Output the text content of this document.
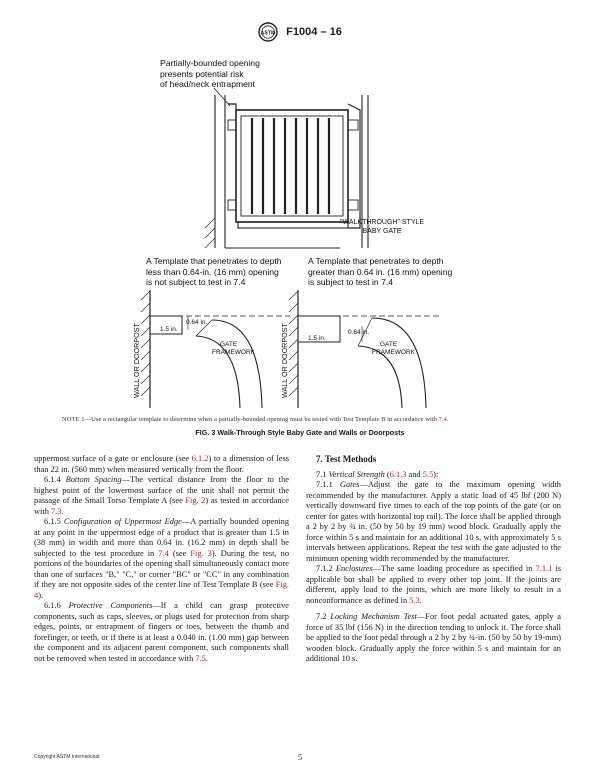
ASTM F1004 – 16
WALL OR DOORPOST	WALL OR DOORPOST
0.64 in.
1.5 in.	0.64 in.
1.5 in.
GATE
FRAMEWORK
GATE
FRAMEWORK
Partially-bounded opening
presents potential risk
of head/neck entrapment
"WALKTHROUGH" STYLE
BABY GATE
A Template that penetrates to depth
less than 0.64-in. (16 mm) opening
is not subject to test in 7.4
A Template that penetrates to depth
greater than 0.64 in. (16 mm) opening
is subject to test in 7.4
NOTE 1—Use a rectangular template to determine when a partially-bounded opening must be tested with Test Template B in accordance with 7.4.
FIG. 3 Walk-Through Style Baby Gate and Walls or Doorposts

uppermost surface of a gate or enclosure (see 6.1.2) to a dimension of less than 22 in. (560 mm) when measured vertically from the floor.

6.1.4 Bottom Spacing—The vertical distance from the floor to the highest point of the lowermost surface of the unit shall not permit the passage of the Small Torso Template A (see Fig. 2) as tested in accordance with 7.3.

6.1.5 Configuration of Uppermost Edge—A partially bounded opening at any point in the uppermost edge of a product that is greater than 1.5 in (38 mm) in width and more than 0.64 in. (16.2 mm) in depth shall be subjected to the test procedure in 7.4 (see Fig. 3). During the test, no portions of the boundaries of the opening shall simultaneously contact more than one of surfaces "B," "C," or corner "BC" or "CC" in any combination if they are not opposite sides of the center line of Test Template B (see Fig. 4).

6.1.6 Protective Components—If a child can grasp protective components, such as caps, sleeves, or plugs used for protection from sharp edges, points, or entrapment of fingers or toes, between the thumb and forefinger, or teeth, or if there is at least a 0.040 in. (1.00 mm) gap between the component and its adjacent parent component, such components shall not be removed when tested in accordance with 7.5.

7. Test Methods

7.1 Vertical Strength (6.1.3 and 5.5):

7.1.1 Gates—Adjust the gate to the maximum opening width recommended by the manufacturer. Apply a static load of 45 lbf (200 N) vertically downward five times to each of the top points of the gate (or on center for gates with horizontal top rail). The force shall be applied through a 2 by 2 by ¾ in. (50 by 50 by 19 mm) wood block. Gradually apply the force within 5 s and maintain for an additional 10 s, with approximately 5 s intervals between applications. Repeat the test with the gate adjusted to the minimum opening width recommended by the manufacturer.

7.1.2 Enclosures—The same loading procedure as specified in 7.1.1 is applicable but shall be applied to every other top joint. If the joints are different, apply load to the joints, which are more likely to result in a nonconformance as defined in 5.3.

7.2 Locking Mechanism Test—For foot pedal actuated gates, apply a force of 35 lbf (156 N) in the direction tending to unlock it. The force shall be applied to the foot pedal through a 2 by 2 by ¾-in. (50 by 50 by 19-mm) wooden block. Gradually apply the force within 5 s and maintain for an additional 10 s.

Copyright ASTM International	5
